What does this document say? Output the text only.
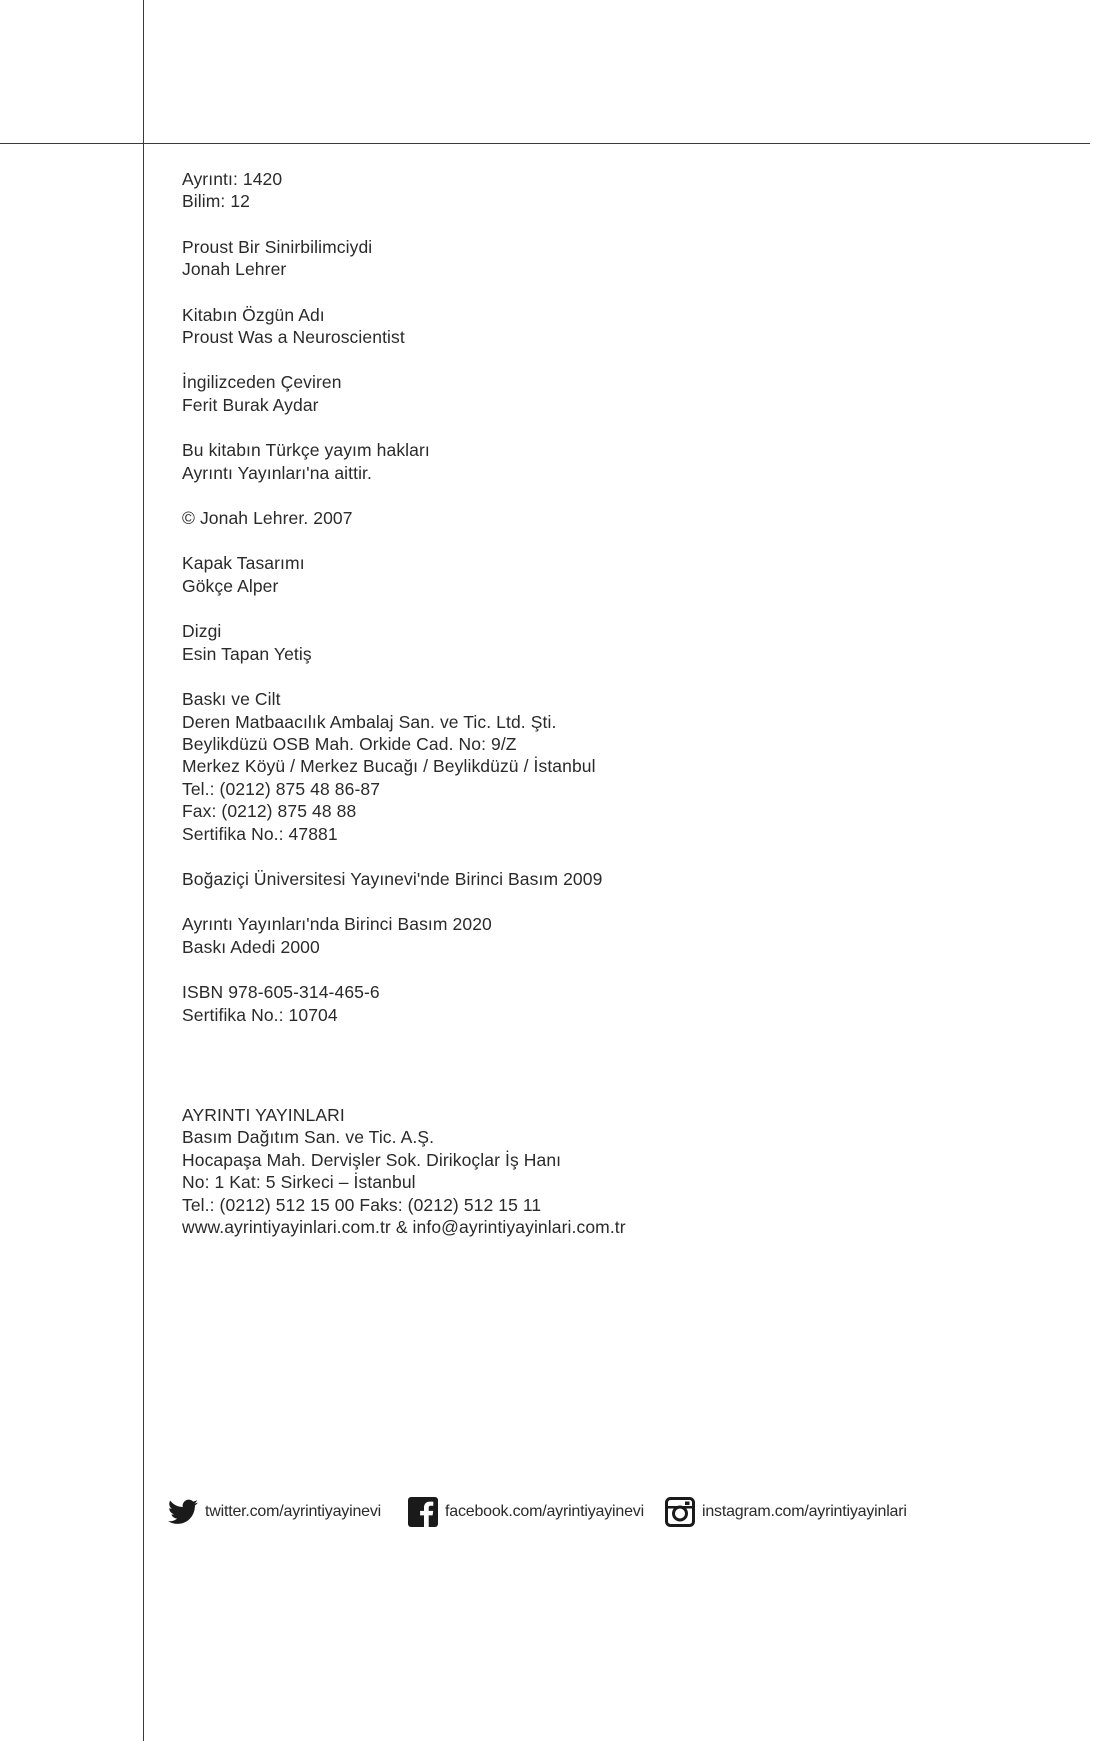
Ayrıntı: 1420
Bilim: 12
Proust Bir Sinirbilimciydi
Jonah Lehrer
Kitabın Özgün Adı
Proust Was a Neuroscientist
İngilizceden Çeviren
Ferit Burak Aydar
Bu kitabın Türkçe yayım hakları
Ayrıntı Yayınları'na aittir.
© Jonah Lehrer. 2007
Kapak Tasarımı
Gökçe Alper
Dizgi
Esin Tapan Yetiş
Baskı ve Cilt
Deren Matbaacılık Ambalaj San. ve Tic. Ltd. Şti.
Beylikdüzü OSB Mah. Orkide Cad. No: 9/Z
Merkez Köyü / Merkez Bucağı / Beylikdüzü / İstanbul
Tel.: (0212) 875 48 86-87
Fax: (0212) 875 48 88
Sertifika No.: 47881
Boğaziçi Üniversitesi Yayınevi'nde Birinci Basım 2009
Ayrıntı Yayınları'nda Birinci Basım 2020
Baskı Adedi 2000
ISBN 978-605-314-465-6
Sertifika No.: 10704
AYRINTI YAYINLARI
Basım Dağıtım San. ve Tic. A.Ş.
Hocapaşa Mah. Dervişler Sok. Dirikoçlar İş Hanı
No: 1 Kat: 5 Sirkeci – İstanbul
Tel.: (0212) 512 15 00 Faks: (0212) 512 15 11
www.ayrintiyayinlari.com.tr & info@ayrintiyayinlari.com.tr
twitter.com/ayrintiyayinevi	facebook.com/ayrintiyayinevi	instagram.com/ayrintiyayinlari
